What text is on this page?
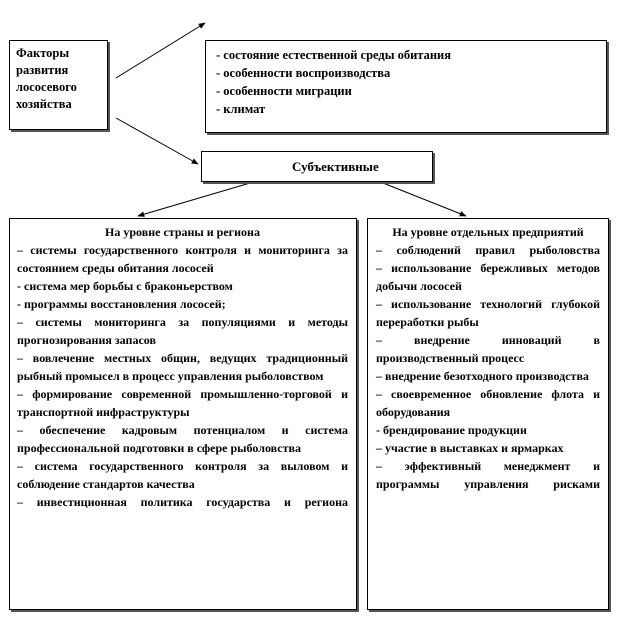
Факторы развития лососевого хозяйства
- состояние естественной среды обитания
- особенности воспроизводства
- особенности миграции
- климат
Субъективные
На уровне страны и региона

– системы государственного контроля и мониторинга за состоянием среды обитания лососей

- система мер борьбы с браконьерством

- программы восстановления лососей;

– системы мониторинга за популяциями и методы прогнозирования запасов

– вовлечение местных общин, ведущих традиционный рыбный промысел в процесс управления рыболовством

– формирование современной промышленно-торговой и транспортной инфраструктуры

– обеспечение кадровым потенциалом и система профессиональной подготовки в сфере рыболовства

– система государственного контроля за выловом и соблюдение стандартов качества

– инвестиционная политика государства и региона

На уровне отдельных предприятий

– соблюдений правил рыболовства

– использование бережливых методов добычи лососей

– использование технологий глубокой переработки рыбы

– внедрение инноваций в производственный процесс

– внедрение безотходного производства

– своевременное обновление флота и оборудования

- брендирование продукции

– участие в выставках и ярмарках

– эффективный менеджмент и программы управления рисками
